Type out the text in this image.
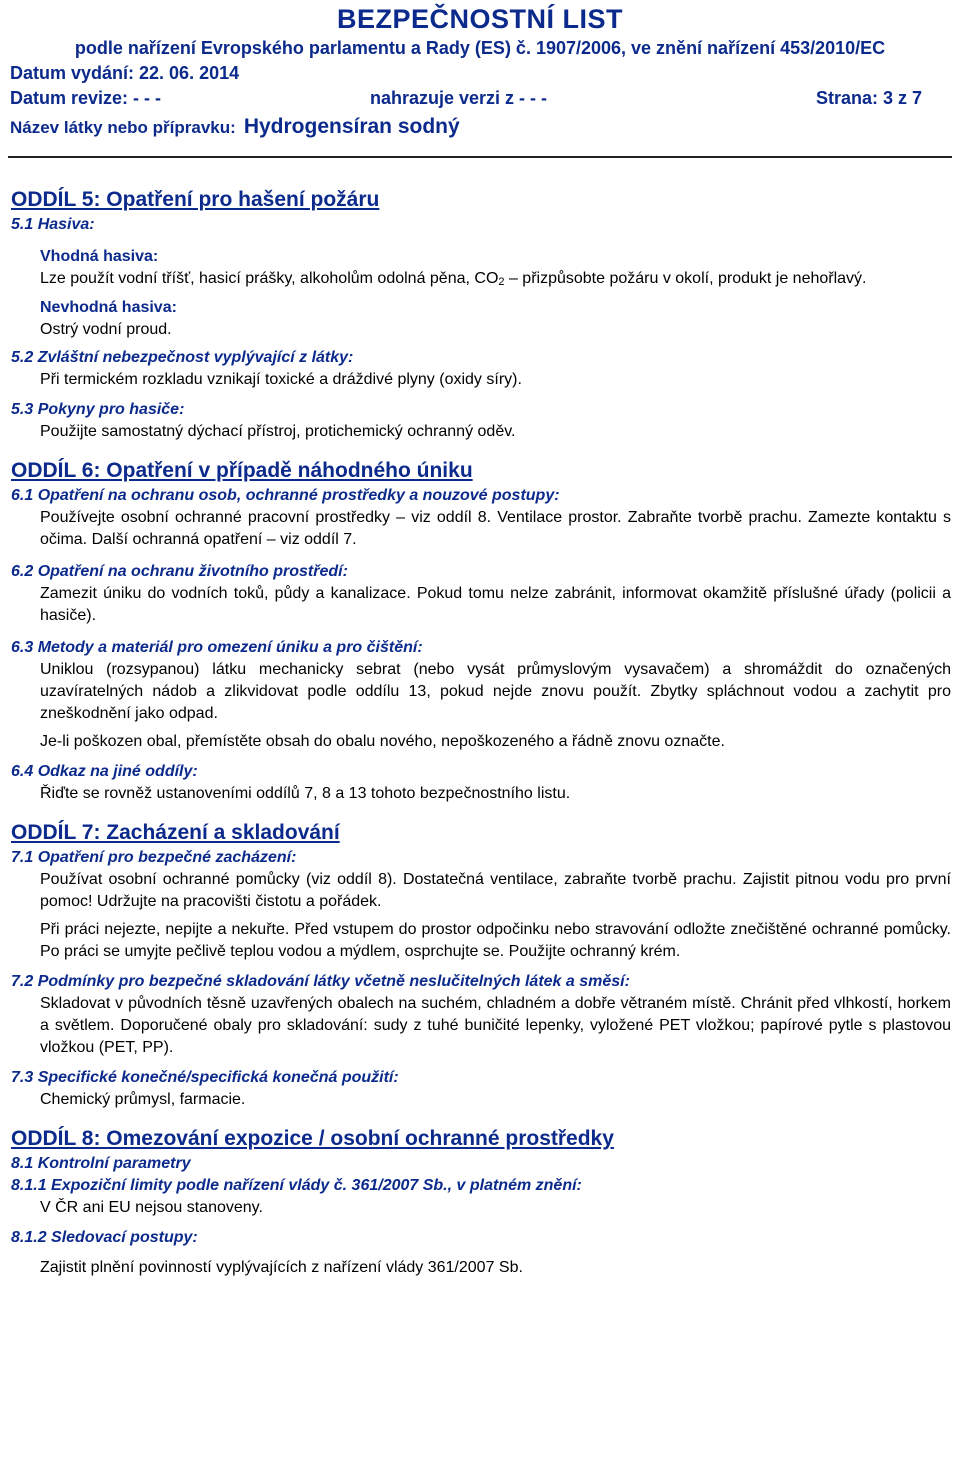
BEZPEČNOSTNÍ LIST
podle nařízení Evropského parlamentu a Rady (ES) č. 1907/2006, ve znění nařízení 453/2010/EC
Datum vydání: 22. 06. 2014
Datum revize: - - -	nahrazuje verzi z - - -	Strana: 3 z 7
Název látky nebo přípravku: Hydrogensíran sodný
ODDÍL 5: Opatření pro hašení požáru
5.1 Hasiva:
Vhodná hasiva:
Lze použít vodní tříšť, hasicí prášky, alkoholům odolná pěna, $CO_2$ – přizpůsobte požáru v okolí, produkt je nehořlavý.
Nevhodná hasiva:
Ostrý vodní proud.
5.2 Zvláštní nebezpečnost vyplývající z látky:
Při termickém rozkladu vznikají toxické a dráždivé plyny (oxidy síry).
5.3 Pokyny pro hasiče:
Použijte samostatný dýchací přístroj, protichemický ochranný oděv.
ODDÍL 6: Opatření v případě náhodného úniku
6.1 Opatření na ochranu osob, ochranné prostředky a nouzové postupy:
Používejte osobní ochranné pracovní prostředky – viz oddíl 8. Ventilace prostor. Zabraňte tvorbě prachu. Zamezte kontaktu s očima. Další ochranná opatření – viz oddíl 7.
6.2 Opatření na ochranu životního prostředí:
Zamezit úniku do vodních toků, půdy a kanalizace. Pokud tomu nelze zabránit, informovat okamžitě příslušné úřady (policii a hasiče).
6.3 Metody a materiál pro omezení úniku a pro čištění:
Uniklou (rozsypanou) látku mechanicky sebrat (nebo vysát průmyslovým vysavačem) a shromáždit do označených uzavíratelných nádob a zlikvidovat podle oddílu 13, pokud nejde znovu použít. Zbytky spláchnout vodou a zachytit pro zneškodnění jako odpad.
Je-li poškozen obal, přemístěte obsah do obalu nového, nepoškozeného a řádně znovu označte.
6.4 Odkaz na jiné oddíly:
Řiďte se rovněž ustanoveními oddílů 7, 8 a 13 tohoto bezpečnostního listu.
ODDÍL 7: Zacházení a skladování
7.1 Opatření pro bezpečné zacházení:
Používat osobní ochranné pomůcky (viz oddíl 8). Dostatečná ventilace, zabraňte tvorbě prachu. Zajistit pitnou vodu pro první pomoc! Udržujte na pracovišti čistotu a pořádek.
Při práci nejezte, nepijte a nekuřte. Před vstupem do prostor odpočinku nebo stravování odložte znečištěné ochranné pomůcky. Po práci se umyjte pečlivě teplou vodou a mýdlem, osprchujte se. Použijte ochranný krém.
7.2 Podmínky pro bezpečné skladování látky včetně neslučitelných látek a směsí:
Skladovat v původních těsně uzavřených obalech na suchém, chladném a dobře větraném místě. Chránit před vlhkostí, horkem a světlem. Doporučené obaly pro skladování: sudy z tuhé buničité lepenky, vyložené PET vložkou; papírové pytle s plastovou vložkou (PET, PP).
7.3 Specifické konečné/specifická konečná použití:
Chemický průmysl, farmacie.
ODDÍL 8: Omezování expozice / osobní ochranné prostředky
8.1 Kontrolní parametry
8.1.1 Expoziční limity podle nařízení vlády č. 361/2007 Sb., v platném znění:
V ČR ani EU nejsou stanoveny.
8.1.2 Sledovací postupy:
Zajistit plnění povinností vyplývajících z nařízení vlády 361/2007 Sb.
